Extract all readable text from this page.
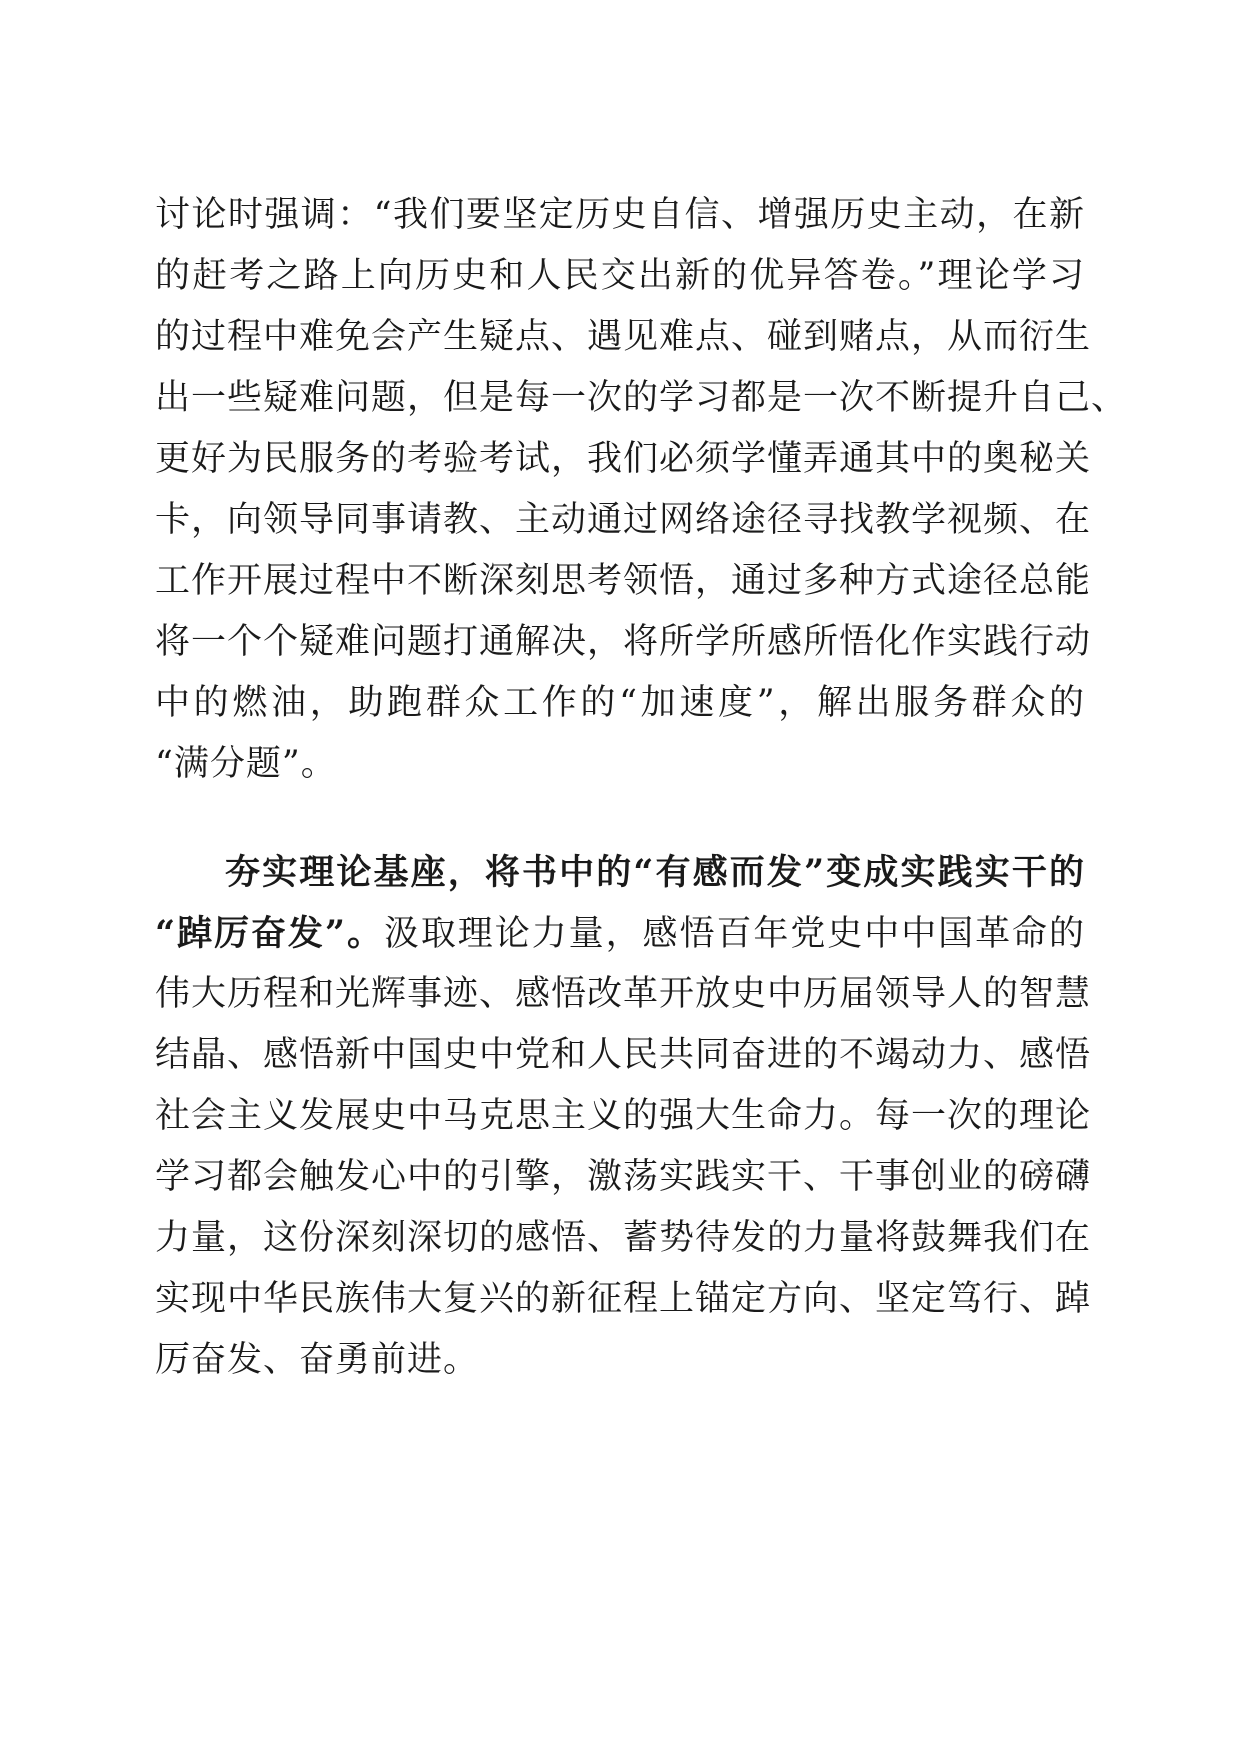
讨论时强调：“我们要坚定历史自信、增强历史主动，在新
的赶考之路上向历史和人民交出新的优异答卷。”理论学习
的过程中难免会产生疑点、遇见难点、碰到赌点，从而衍生
出一些疑难问题，但是每一次的学习都是一次不断提升自己、
更好为民服务的考验考试，我们必须学懂弄通其中的奥秘关
卡，向领导同事请教、主动通过网络途径寻找教学视频、在
工作开展过程中不断深刻思考领悟，通过多种方式途径总能
将一个个疑难问题打通解决，将所学所感所悟化作实践行动
中的燃油，助跑群众工作的“加速度”，解出服务群众的
“满分题”。
夯实理论基座，将书中的“有感而发”变成实践实干的
“踔厉奋发”。汲取理论力量，感悟百年党史中中国革命的
伟大历程和光辉事迹、感悟改革开放史中历届领导人的智慧
结晶、感悟新中国史中党和人民共同奋进的不竭动力、感悟
社会主义发展史中马克思主义的强大生命力。每一次的理论
学习都会触发心中的引擎，激荡实践实干、干事创业的磅礴
力量，这份深刻深切的感悟、蓄势待发的力量将鼓舞我们在
实现中华民族伟大复兴的新征程上锚定方向、坚定笃行、踔
厉奋发、奋勇前进。
